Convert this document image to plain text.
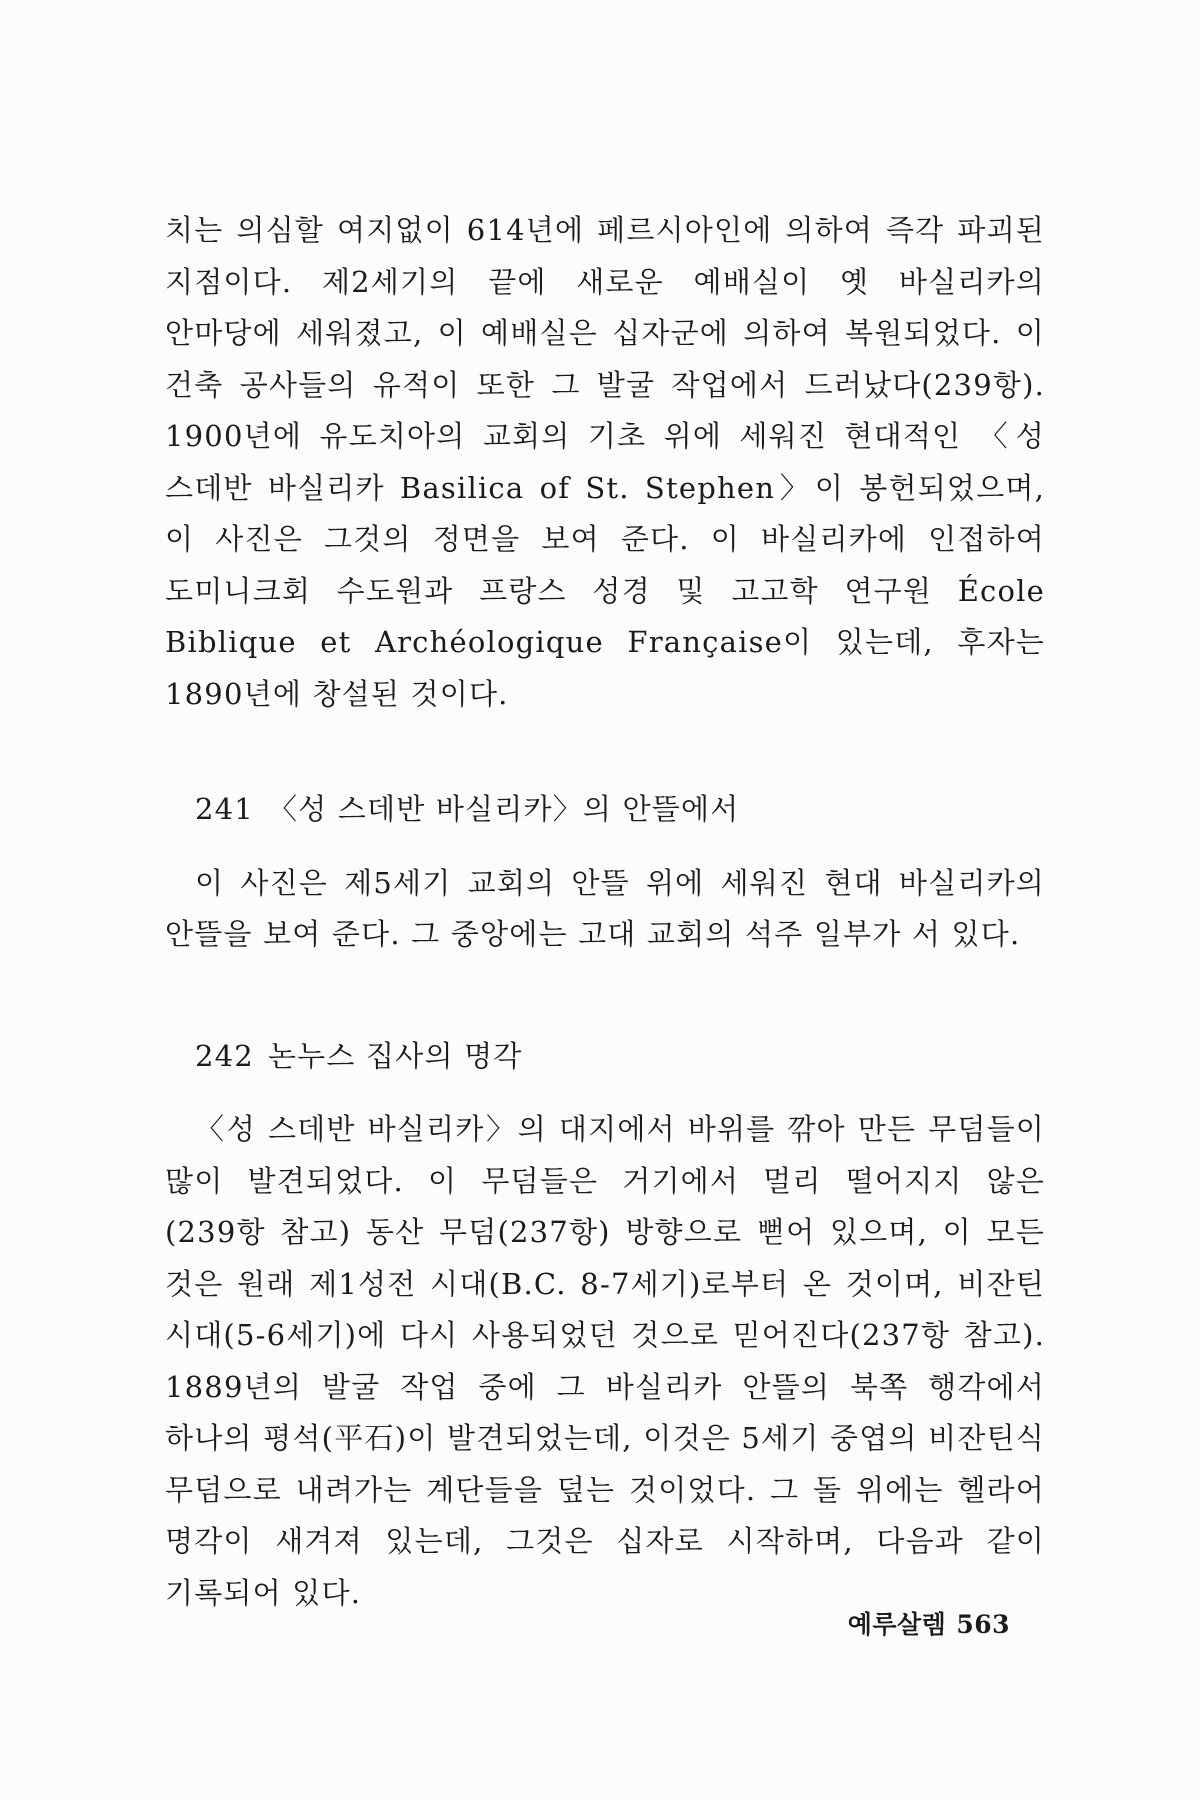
치는 의심할 여지없이 614년에 페르시아인에 의하여 즉각 파괴된 지점이다. 제2세기의 끝에 새로운 예배실이 옛 바실리카의 안마당에 세워졌고, 이 예배실은 십자군에 의하여 복원되었다. 이 건축 공사들의 유적이 또한 그 발굴 작업에서 드러났다(239항). 1900년에 유도치아의 교회의 기초 위에 세워진 현대적인 〈성 스데반 바실리카 Basilica of St. Stephen〉이 봉헌되었으며, 이 사진은 그것의 정면을 보여 준다. 이 바실리카에 인접하여 도미니크회 수도원과 프랑스 성경 및 고고학 연구원 École Biblique et Archéologique Française이 있는데, 후자는 1890년에 창설된 것이다.

241 〈성 스데반 바실리카〉의 안뜰에서

이 사진은 제5세기 교회의 안뜰 위에 세워진 현대 바실리카의 안뜰을 보여 준다. 그 중앙에는 고대 교회의 석주 일부가 서 있다.

242 논누스 집사의 명각

〈성 스데반 바실리카〉의 대지에서 바위를 깎아 만든 무덤들이 많이 발견되었다. 이 무덤들은 거기에서 멀리 떨어지지 않은(239항 참고) 동산 무덤(237항) 방향으로 뻗어 있으며, 이 모든 것은 원래 제1성전 시대(B.C. 8-7세기)로부터 온 것이며, 비잔틴 시대(5-6세기)에 다시 사용되었던 것으로 믿어진다(237항 참고). 1889년의 발굴 작업 중에 그 바실리카 안뜰의 북쪽 행각에서 하나의 평석(平石)이 발견되었는데, 이것은 5세기 중엽의 비잔틴식 무덤으로 내려가는 계단들을 덮는 것이었다. 그 돌 위에는 헬라어 명각이 새겨져 있는데, 그것은 십자로 시작하며, 다음과 같이 기록되어 있다.

예루살렘 563
